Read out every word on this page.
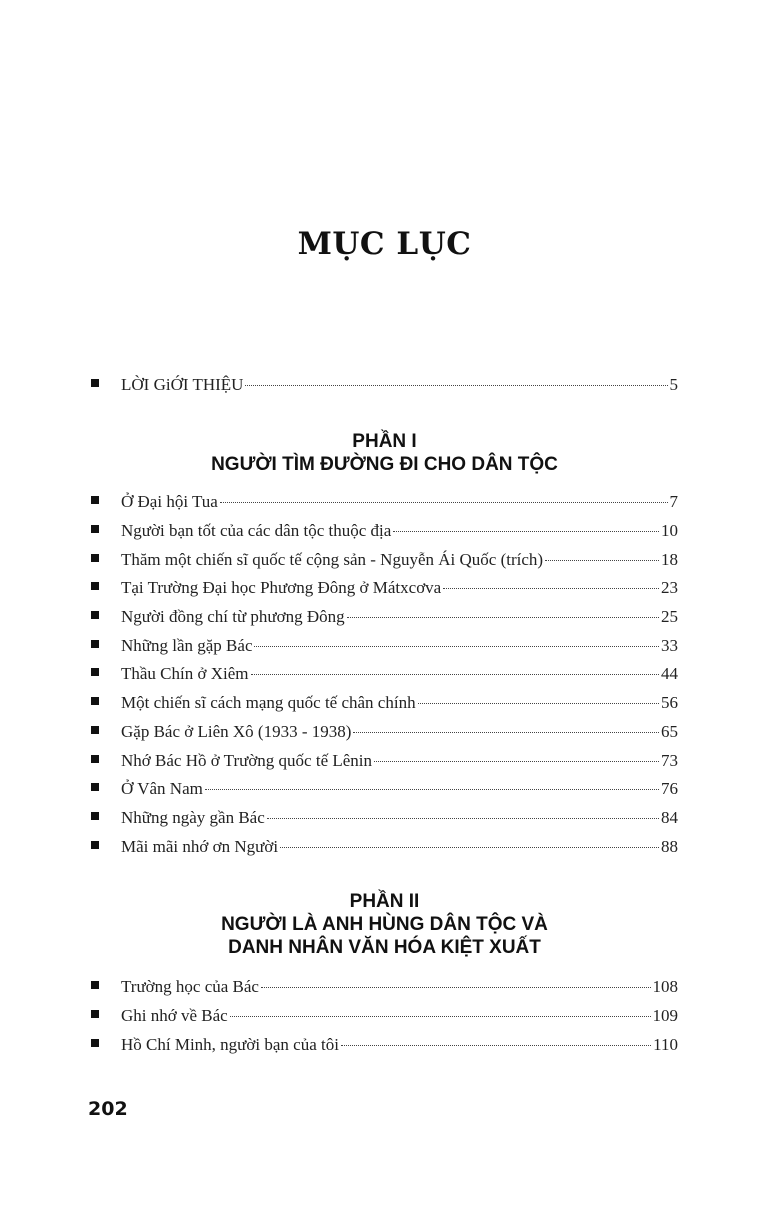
MỤC LỤC
LỜI GiỚI THIỆU	5
PHẦN I
NGƯỜI TÌM ĐƯỜNG ĐI CHO DÂN TỘC
Ở Đại hội Tua	7
Người bạn tốt của các dân tộc thuộc địa	10
Thăm một chiến sĩ quốc tế cộng sản - Nguyễn Ái Quốc (trích)	18
Tại Trường Đại học Phương Đông ở Mátxcơva	23
Người đồng chí từ phương Đông	25
Những lần gặp Bác	33
Thầu Chín ở Xiêm	44
Một chiến sĩ cách mạng quốc tế chân chính	56
Gặp Bác ở Liên Xô (1933 - 1938)	65
Nhớ Bác Hồ ở Trường quốc tế Lênin	73
Ở Vân Nam	76
Những ngày gần Bác	84
Mãi mãi nhớ ơn Người	88
PHẦN II
NGƯỜI LÀ ANH HÙNG DÂN TỘC VÀ
DANH NHÂN VĂN HÓA KIỆT XUẤT
Trường học của Bác	108
Ghi nhớ về Bác	109
Hồ Chí Minh, người bạn của tôi	110
202
